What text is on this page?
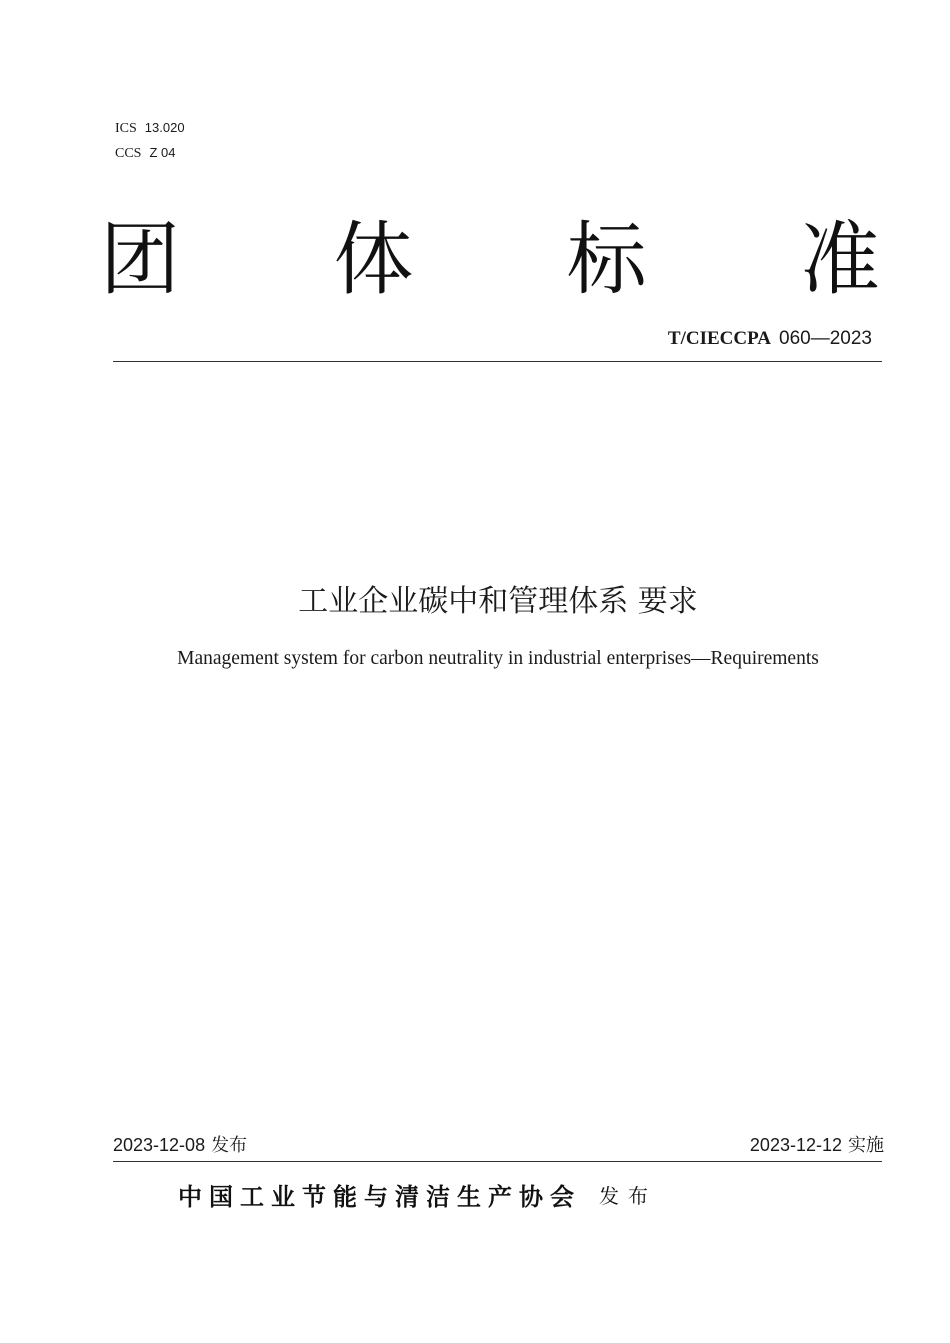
ICS 13.020
CCS Z 04
团 体 标 准
T/CIECCPA 060—2023
工业企业碳中和管理体系 要求
Management system for carbon neutrality in industrial enterprises—Requirements
2023-12-08 发布	2023-12-12 实施
中国工业节能与清洁生产协会 发布
